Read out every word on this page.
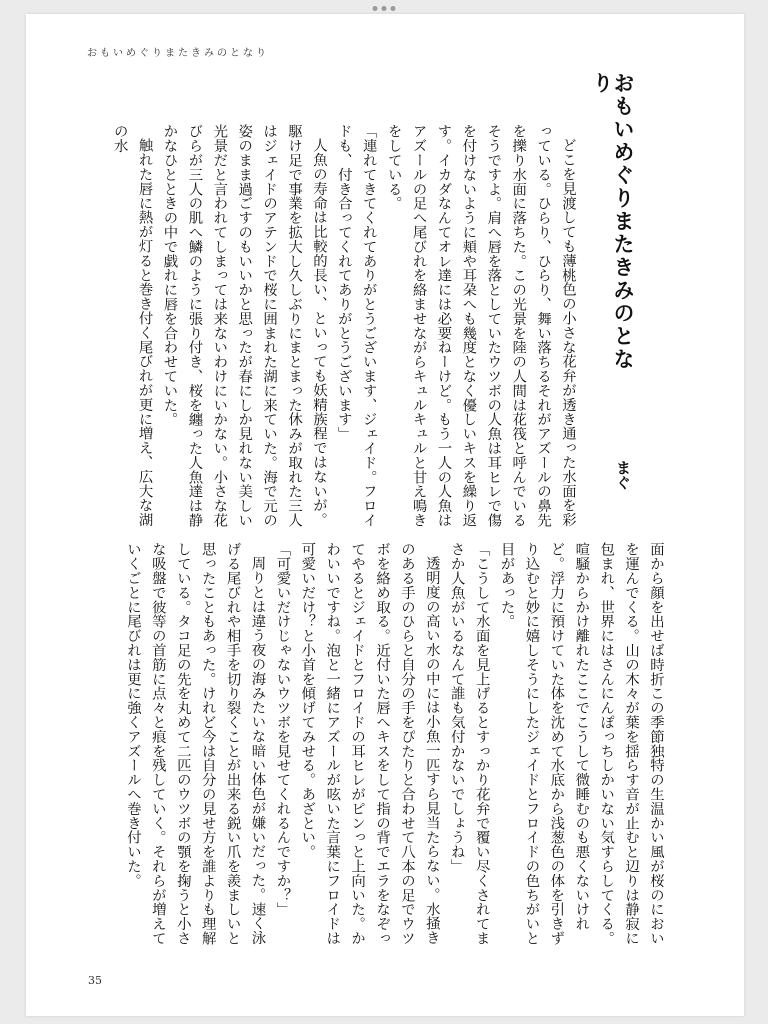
おもいめぐりまたきみのとなり
おもいめぐりまたきみのとなり
まぐ

どこを見渡しても薄桃色の小さな花弁が透き通った水面を彩っている。ひらり、ひらり、舞い落ちるそれがアズールの鼻先を擽り水面に落ちた。この光景を陸の人間は花筏と呼んでいるそうですよ。肩へ唇を落としていたウツボの人魚は耳ヒレで傷を付けないように頬や耳朶へも幾度となく優しいキスを繰り返す。イカダなんてオレ達には必要ねーけど。もう一人の人魚はアズールの足へ尾びれを絡ませながらキュルキュルと甘え鳴きをしている。

「連れてきてくれてありがとうございます、ジェイド。フロイドも、付き合ってくれてありがとうございます」

人魚の寿命は比較的長い、といっても妖精族程ではないが。駆け足で事業を拡大し久しぶりにまとまった休みが取れた三人はジェイドのアテンドで桜に囲まれた湖に来ていた。海で元の姿のまま過ごすのもいいかと思ったが春にしか見れない美しい光景だと言われてしまっては来ないわけにいかない。小さな花びらが三人の肌へ鱗のように張り付き、桜を纏った人魚達は静かなひとときの中で戯れに唇を合わせていた。

触れた唇に熱が灯ると巻き付く尾びれが更に増え、広大な湖の水

面から顔を出せば時折この季節独特の生温かい風が桜のにおいを運んでくる。山の木々が葉を揺らす音が止むと辺りは静寂に包まれ、世界にはさんにんぽっちしかいない気すらしてくる。喧騒からかけ離れたここでこうして微睡むのも悪くないけれど。浮力に預けていた体を沈めて水底から浅葱色の体を引きずり込むと妙に嬉しそうにしたジェイドとフロイドの色ちがいと目があった。

「こうして水面を見上げるとすっかり花弁で覆い尽くされてまさか人魚がいるなんて誰も気付かないでしょうね」

透明度の高い水の中には小魚一匹すら見当たらない。水掻きのある手のひらと自分の手をぴたりと合わせて八本の足でウツボを絡め取る。近付いた唇へキスをして指の背でエラをなぞってやるとジェイドとフロイドの耳ヒレがピンっと上向いた。かわいいですね。泡と一緒にアズールが呟いた言葉にフロイドは可愛いだけ？と小首を傾げてみせる。あざとい。

「可愛いだけじゃないウツボを見せてくれるんですか？」

周りとは違う夜の海みたいな暗い体色が嫌いだった。速く泳げる尾びれや相手を切り裂くことが出来る鋭い爪を羨ましいと思ったこともあった。けれど今は自分の見せ方を誰よりも理解している。タコ足の先を丸めて二匹のウツボの顎を掬うと小さな吸盤で彼等の首筋に点々と痕を残していく。それらが増えていくごとに尾びれは更に強くアズールへ巻き付いた。

35
